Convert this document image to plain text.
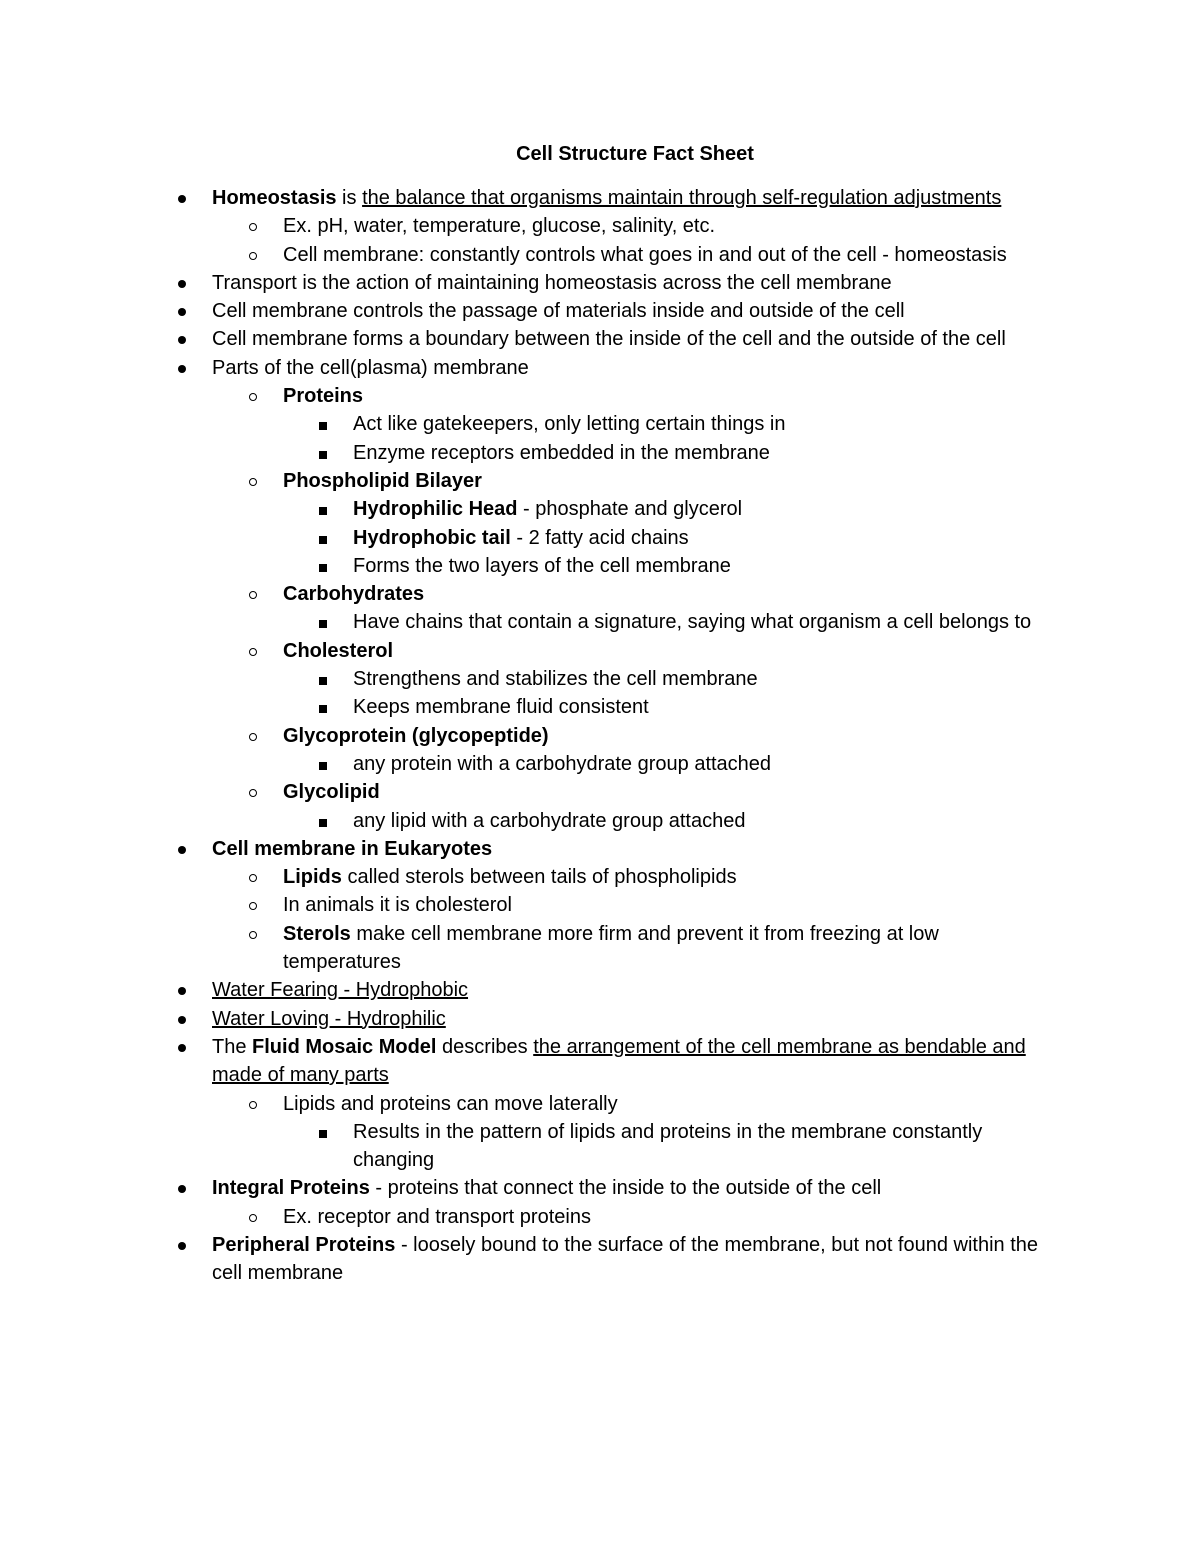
Cell Structure Fact Sheet
Homeostasis is the balance that organisms maintain through self-regulation adjustments
Ex. pH, water, temperature, glucose, salinity, etc.
Cell membrane: constantly controls what goes in and out of the cell - homeostasis
Transport is the action of maintaining homeostasis across the cell membrane
Cell membrane controls the passage of materials inside and outside of the cell
Cell membrane forms a boundary between the inside of the cell and the outside of the cell
Parts of the cell(plasma) membrane
Proteins
Act like gatekeepers, only letting certain things in
Enzyme receptors embedded in the membrane
Phospholipid Bilayer
Hydrophilic Head - phosphate and glycerol
Hydrophobic tail - 2 fatty acid chains
Forms the two layers of the cell membrane
Carbohydrates
Have chains that contain a signature, saying what organism a cell belongs to
Cholesterol
Strengthens and stabilizes the cell membrane
Keeps membrane fluid consistent
Glycoprotein (glycopeptide)
any protein with a carbohydrate group attached
Glycolipid
any lipid with a carbohydrate group attached
Cell membrane in Eukaryotes
Lipids called sterols between tails of phospholipids
In animals it is cholesterol
Sterols make cell membrane more firm and prevent it from freezing at low temperatures
Water Fearing - Hydrophobic
Water Loving - Hydrophilic
The Fluid Mosaic Model describes the arrangement of the cell membrane as bendable and made of many parts
Lipids and proteins can move laterally
Results in the pattern of lipids and proteins in the membrane constantly changing
Integral Proteins - proteins that connect the inside to the outside of the cell
Ex. receptor and transport proteins
Peripheral Proteins - loosely bound to the surface of the membrane, but not found within the cell membrane
